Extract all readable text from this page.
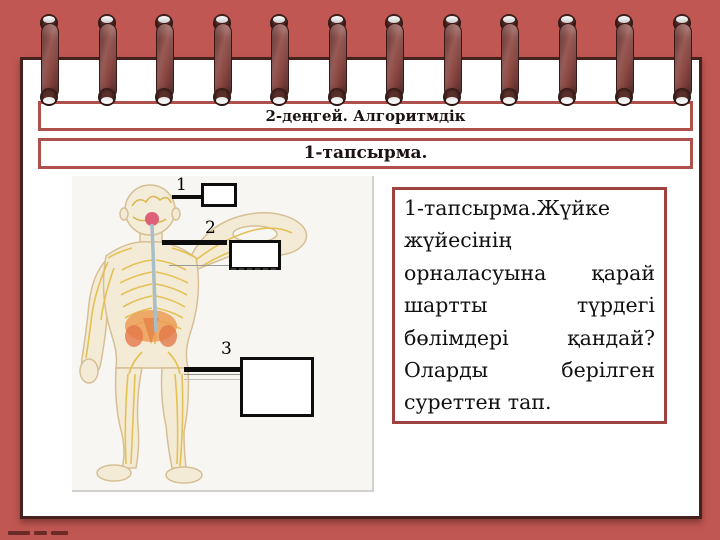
2-деңгей. Алгоритмдік
1-тапсырма.
1
2
3
1-тапсырма.Жүйке
жүйесінің
орналасуына қарай
шартты	түрдегі
бөлімдері	қандай?
Оларды	берілген
суреттен тап.
